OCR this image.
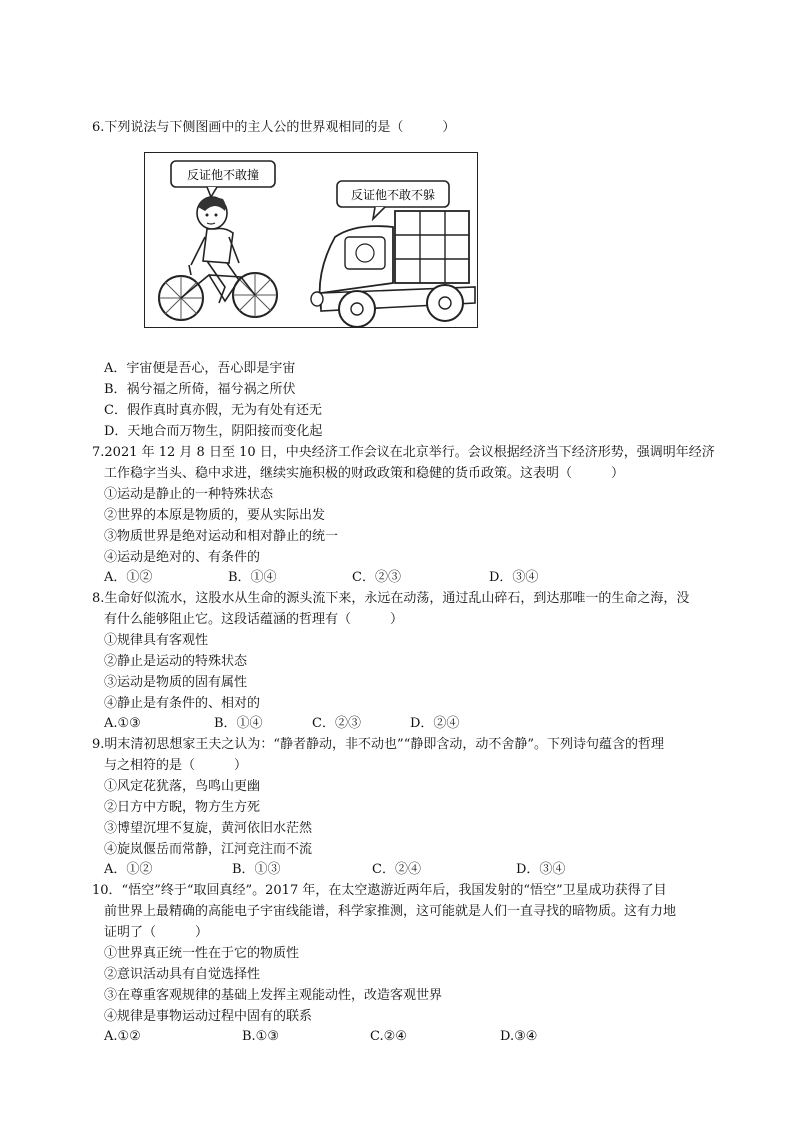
6.下列说法与下侧图画中的主人公的世界观相同的是（　　　）
反证他不敢撞
反证他不敢不躲
A．宇宙便是吾心，吾心即是宇宙
B．祸兮福之所倚，福兮祸之所伏
C．假作真时真亦假，无为有处有还无
D．天地合而万物生，阴阳接而变化起
7.2021 年 12 月 8 日至 10 日，中央经济工作会议在北京举行。会议根据经济当下经济形势，强调明年经济
工作稳字当头、稳中求进，继续实施积极的财政政策和稳健的货币政策。这表明（　　　）
①运动是静止的一种特殊状态
②世界的本原是物质的，要从实际出发
③物质世界是绝对运动和相对静止的统一
④运动是绝对的、有条件的
A．①②	B．①④	C．②③	D．③④
8.生命好似流水，这股水从生命的源头流下来，永远在动荡，通过乱山碎石，到达那唯一的生命之海，没
有什么能够阻止它。这段话蕴涵的哲理有（　　　）
①规律具有客观性
②静止是运动的特殊状态
③运动是物质的固有属性
④静止是有条件的、相对的
A.①③	B．①④	C．②③	D．②④
9.明末清初思想家王夫之认为：“静者静动，非不动也”“静即含动，动不舍静”。下列诗句蕴含的哲理
与之相符的是（　　　）
①风定花犹落，鸟鸣山更幽
②日方中方睨，物方生方死
③博望沉埋不复旋，黄河依旧水茫然
④旋岚偃岳而常静，江河竞注而不流
A．①②	B．①③	C．②④	D．③④
10．“悟空”终于“取回真经”。2017 年，在太空遨游近两年后，我国发射的“悟空”卫星成功获得了目
前世界上最精确的高能电子宇宙线能谱，科学家推测，这可能就是人们一直寻找的暗物质。这有力地
证明了（　　　）
①世界真正统一性在于它的物质性
②意识活动具有自觉选择性
③在尊重客观规律的基础上发挥主观能动性，改造客观世界
④规律是事物运动过程中固有的联系
A.①②	B.①③	C.②④	D.③④
